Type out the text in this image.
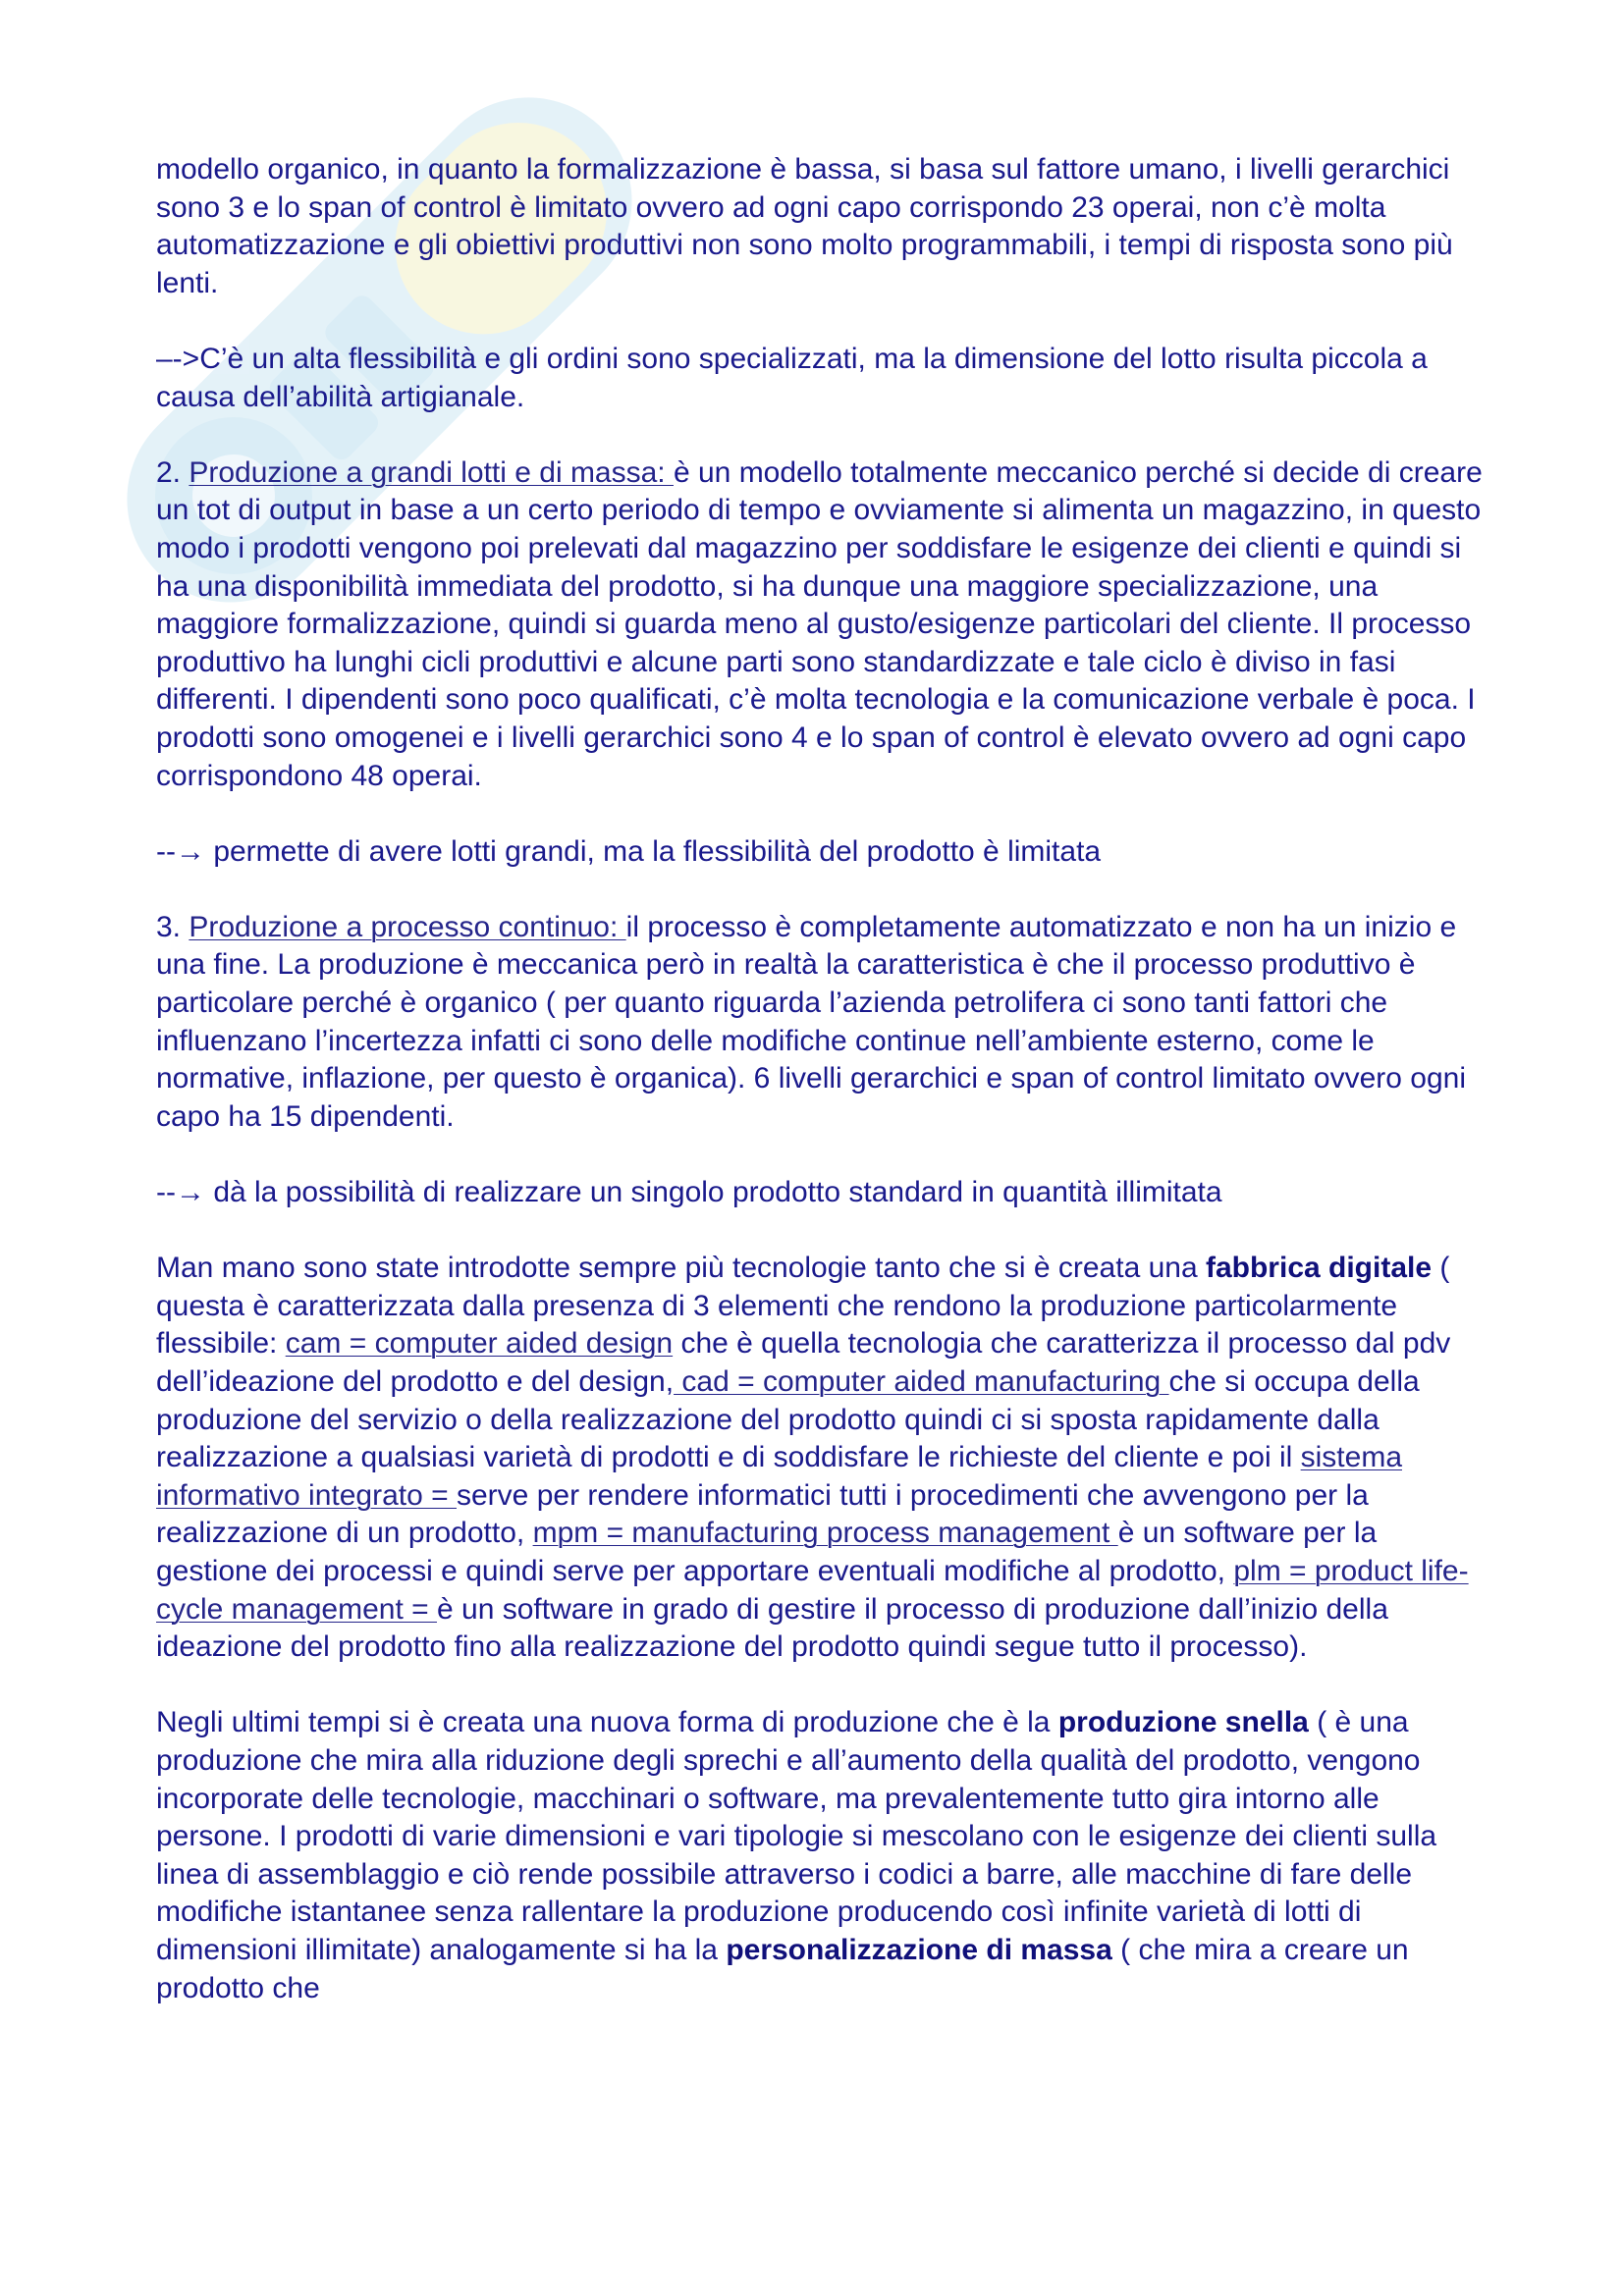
modello organico, in quanto la formalizzazione è bassa, si basa sul fattore umano, i livelli gerarchici sono 3 e lo span of control è limitato ovvero ad ogni capo corrispondo 23 operai, non c’è molta automatizzazione e gli obiettivi produttivi non sono molto programmabili, i tempi di risposta sono più lenti.

–->C’è un alta flessibilità e gli ordini sono specializzati, ma la dimensione del lotto risulta piccola a causa dell’abilità artigianale.

2. Produzione a grandi lotti e di massa: è un modello totalmente meccanico perché si decide di creare un tot di output in base a un certo periodo di tempo e ovviamente si alimenta un magazzino, in questo modo i prodotti vengono poi prelevati dal magazzino per soddisfare le esigenze dei clienti e quindi si ha una disponibilità immediata del prodotto, si ha dunque una maggiore specializzazione, una maggiore formalizzazione, quindi si guarda meno al gusto/esigenze particolari del cliente. Il processo produttivo ha lunghi cicli produttivi e alcune parti sono standardizzate e tale ciclo è diviso in fasi differenti. I dipendenti sono poco qualificati, c’è molta tecnologia e la comunicazione verbale è poca. I prodotti sono omogenei e i livelli gerarchici sono 4 e lo span of control è elevato ovvero ad ogni capo corrispondono 48 operai.

--→ permette di avere lotti grandi, ma la flessibilità del prodotto è limitata

3. Produzione a processo continuo: il processo è completamente automatizzato e non ha un inizio e una fine. La produzione è meccanica però in realtà la caratteristica è che il processo produttivo è particolare perché è organico ( per quanto riguarda l’azienda petrolifera ci sono tanti fattori che influenzano l’incertezza infatti ci sono delle modifiche continue nell’ambiente esterno, come le normative, inflazione, per questo è organica). 6 livelli gerarchici e span of control limitato ovvero ogni capo ha 15 dipendenti.

--→ dà la possibilità di realizzare un singolo prodotto standard in quantità illimitata

Man mano sono state introdotte sempre più tecnologie tanto che si è creata una fabbrica digitale ( questa è caratterizzata dalla presenza di 3 elementi che rendono la produzione particolarmente flessibile: cam = computer aided design che è quella tecnologia che caratterizza il processo dal pdv dell’ideazione del prodotto e del design, cad = computer aided manufacturing che si occupa della produzione del servizio o della realizzazione del prodotto quindi ci si sposta rapidamente dalla realizzazione a qualsiasi varietà di prodotti e di soddisfare le richieste del cliente e poi il sistema informativo integrato = serve per rendere informatici tutti i procedimenti che avvengono per la realizzazione di un prodotto, mpm = manufacturing process management è un software per la gestione dei processi e quindi serve per apportare eventuali modifiche al prodotto, plm = product life-cycle management = è un software in grado di gestire il processo di produzione dall’inizio della ideazione del prodotto fino alla realizzazione del prodotto quindi segue tutto il processo).

Negli ultimi tempi si è creata una nuova forma di produzione che è la produzione snella ( è una produzione che mira alla riduzione degli sprechi e all’aumento della qualità del prodotto, vengono incorporate delle tecnologie, macchinari o software, ma prevalentemente tutto gira intorno alle persone. I prodotti di varie dimensioni e vari tipologie si mescolano con le esigenze dei clienti sulla linea di assemblaggio e ciò rende possibile attraverso i codici a barre, alle macchine di fare delle modifiche istantanee senza rallentare la produzione producendo così infinite varietà di lotti di dimensioni illimitate) analogamente si ha la personalizzazione di massa ( che mira a creare un prodotto che
